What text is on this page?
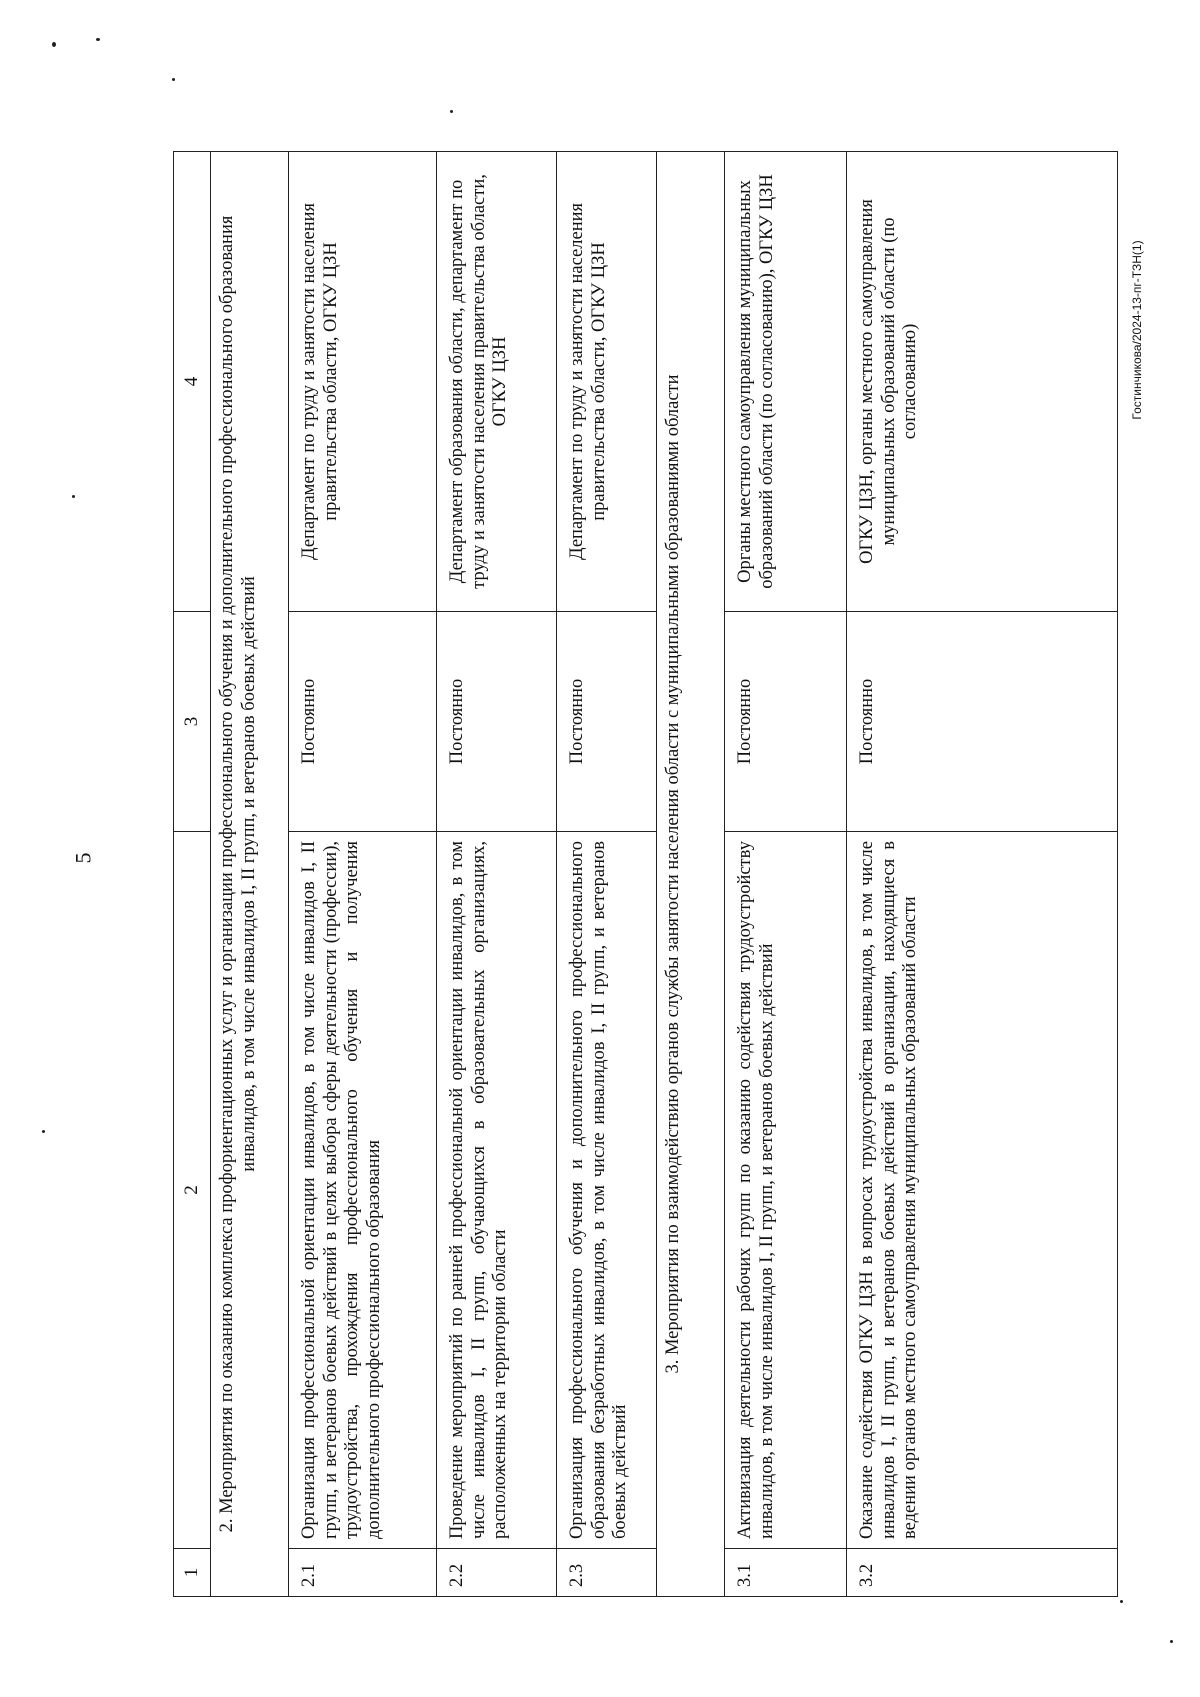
5
Гостинчикова/2024-13-пг-ТЗН(1)
1	2	3	4
2. Мероприятия по оказанию комплекса профориентационных услуг и организации профессионального обучения и дополнительного профессионального образования инвалидов, в том числе инвалидов I, II групп, и ветеранов боевых действий			
2.1	Организация профессиональной ориентации инвалидов, в том числе инвалидов I, II групп, и ветеранов боевых действий в целях выбора сферы деятельности (профессии), трудоустройства, прохождения профессионального обучения и получения дополнительного профессионального образования	Постоянно	Департамент по труду и занятости населения правительства области, ОГКУ ЦЗН
2.2	Проведение мероприятий по ранней профессиональной ориентации инвалидов, в том числе инвалидов I, II групп, обучающихся в образовательных организациях, расположенных на территории области	Постоянно	Департамент образования области, департамент по труду и занятости населения правительства области, ОГКУ ЦЗН
2.3	Организация профессионального обучения и дополнительного профессионального образования безработных инвалидов, в том числе инвалидов I, II групп, и ветеранов боевых действий	Постоянно	Департамент по труду и занятости населения правительства области, ОГКУ ЦЗН
3. Мероприятия по взаимодействию органов службы занятости населения области с муниципальными образованиями области			
3.1	Активизация деятельности рабочих групп по оказанию содействия трудоустройству инвалидов, в том числе инвалидов I, II групп, и ветеранов боевых действий	Постоянно	Органы местного самоуправления муниципальных образований области (по согласованию), ОГКУ ЦЗН
3.2	Оказание содействия ОГКУ ЦЗН в вопросах трудоустройства инвалидов, в том числе инвалидов I, II групп, и ветеранов боевых действий в организации, находящиеся в ведении органов местного самоуправления муниципальных образований области	Постоянно	ОГКУ ЦЗН, органы местного самоуправления муниципальных образований области (по согласованию)
